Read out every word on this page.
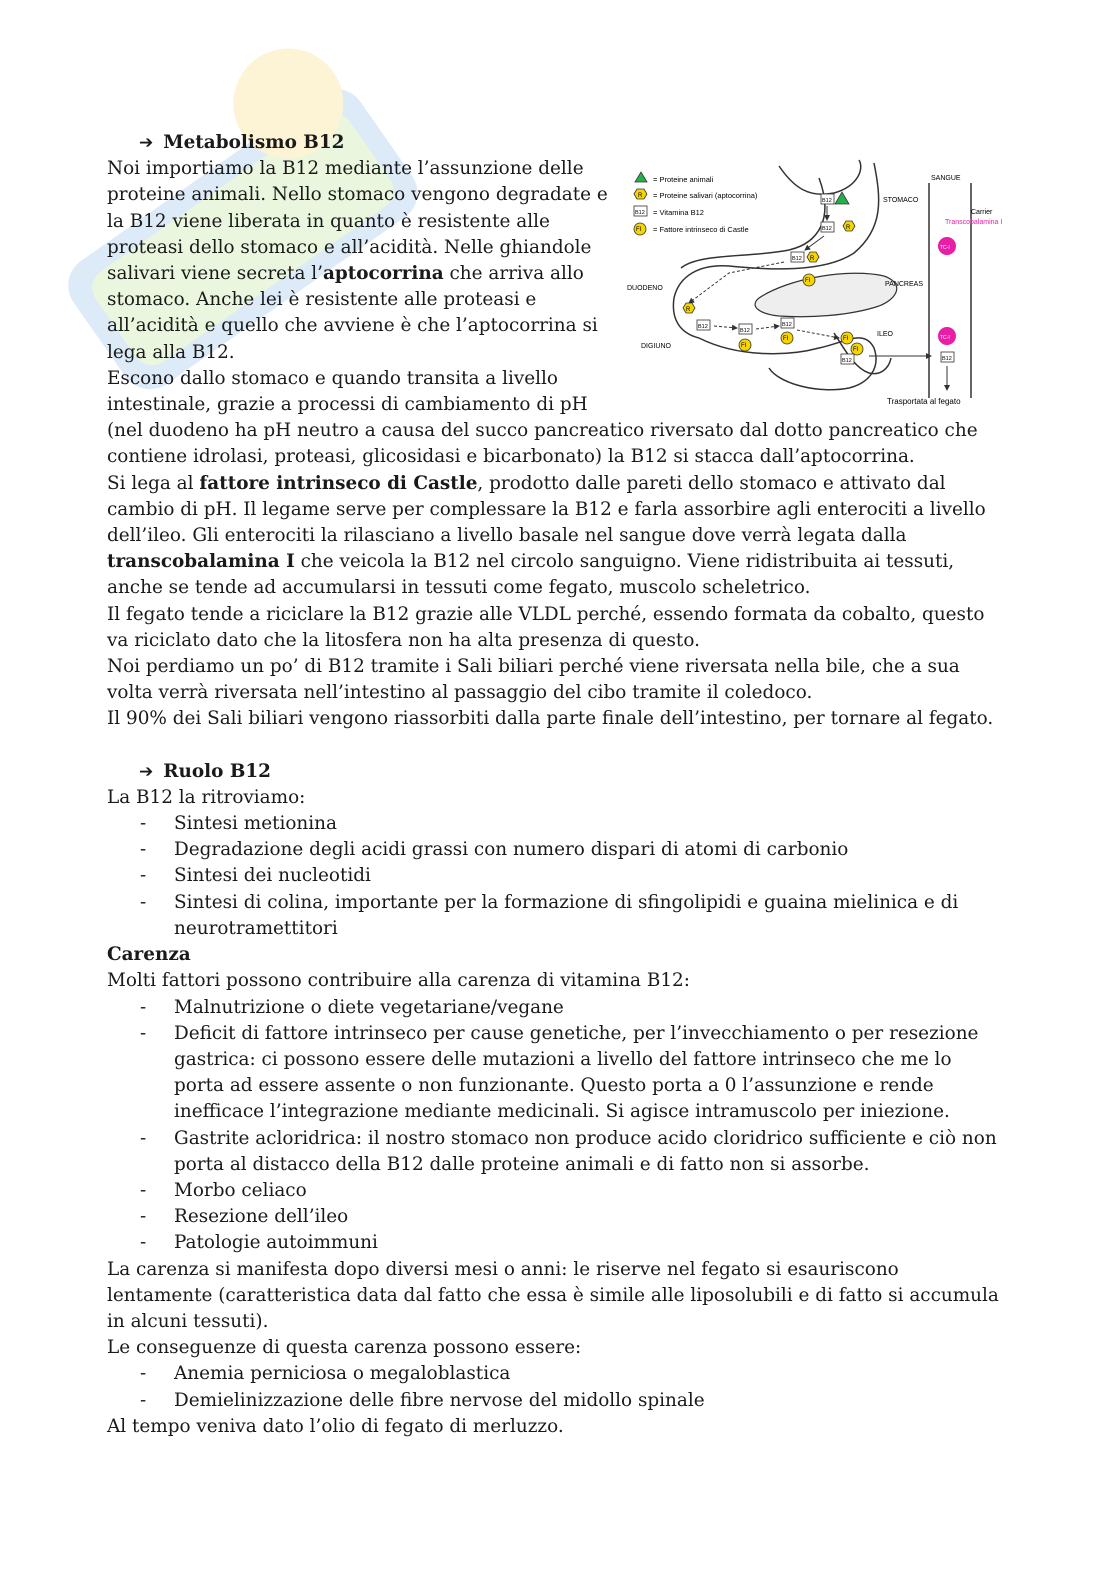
➔ Metabolismo B12

= Proteine animali
R = Proteine salivari (aptocorrina)
B12 = Vitamina B12
FI = Fattore intrinseco di Castle
SANGUE
Carrier
Transcobalamina I
STOMACO
DUODENO
PANCREAS
ILEO
DIGIUNO
Trasportata al fegato
B12
B12 R
B12 R
FI
R
B12
B12
FI
B12
FI	FI
FI
B12
TC-I
TC-I
B12

Noi importiamo la B12 mediante l’assunzione delle proteine animali. Nello stomaco vengono degradate e la B12 viene liberata in quanto è resistente alle proteasi dello stomaco e all’acidità. Nelle ghiandole salivari viene secreta l’aptocorrina che arriva allo stomaco. Anche lei è resistente alle proteasi e all’acidità e quello che avviene è che l’aptocorrina si lega alla B12.

Escono dallo stomaco e quando transita a livello intestinale, grazie a processi di cambiamento di pH (nel duodeno ha pH neutro a causa del succo pancreatico riversato dal dotto pancreatico che contiene idrolasi, proteasi, glicosidasi e bicarbonato) la B12 si stacca dall’aptocorrina.

Si lega al fattore intrinseco di Castle, prodotto dalle pareti dello stomaco e attivato dal cambio di pH. Il legame serve per complessare la B12 e farla assorbire agli enterociti a livello dell’ileo. Gli enterociti la rilasciano a livello basale nel sangue dove verrà legata dalla transcobalamina I che veicola la B12 nel circolo sanguigno. Viene ridistribuita ai tessuti, anche se tende ad accumularsi in tessuti come fegato, muscolo scheletrico.

Il fegato tende a riciclare la B12 grazie alle VLDL perché, essendo formata da cobalto, questo va riciclato dato che la litosfera non ha alta presenza di questo.

Noi perdiamo un po’ di B12 tramite i Sali biliari perché viene riversata nella bile, che a sua volta verrà riversata nell’intestino al passaggio del cibo tramite il coledoco.

Il 90% dei Sali biliari vengono riassorbiti dalla parte finale dell’intestino, per tornare al fegato.

➔ Ruolo B12

La B12 la ritroviamo:

- Sintesi metionina
- Degradazione degli acidi grassi con numero dispari di atomi di carbonio
- Sintesi dei nucleotidi
- Sintesi di colina, importante per la formazione di sfingolipidi e guaina mielinica e di neurotramettitori

Carenza

Molti fattori possono contribuire alla carenza di vitamina B12:

- Malnutrizione o diete vegetariane/vegane
- Deficit di fattore intrinseco per cause genetiche, per l’invecchiamento o per resezione gastrica: ci possono essere delle mutazioni a livello del fattore intrinseco che me lo porta ad essere assente o non funzionante. Questo porta a 0 l’assunzione e rende inefficace l’integrazione mediante medicinali. Si agisce intramuscolo per iniezione.
- Gastrite acloridrica: il nostro stomaco non produce acido cloridrico sufficiente e ciò non porta al distacco della B12 dalle proteine animali e di fatto non si assorbe.
- Morbo celiaco
- Resezione dell’ileo
- Patologie autoimmuni

La carenza si manifesta dopo diversi mesi o anni: le riserve nel fegato si esauriscono lentamente (caratteristica data dal fatto che essa è simile alle liposolubili e di fatto si accumula in alcuni tessuti).

Le conseguenze di questa carenza possono essere:

- Anemia perniciosa o megaloblastica
- Demielinizzazione delle fibre nervose del midollo spinale

Al tempo veniva dato l’olio di fegato di merluzzo.
